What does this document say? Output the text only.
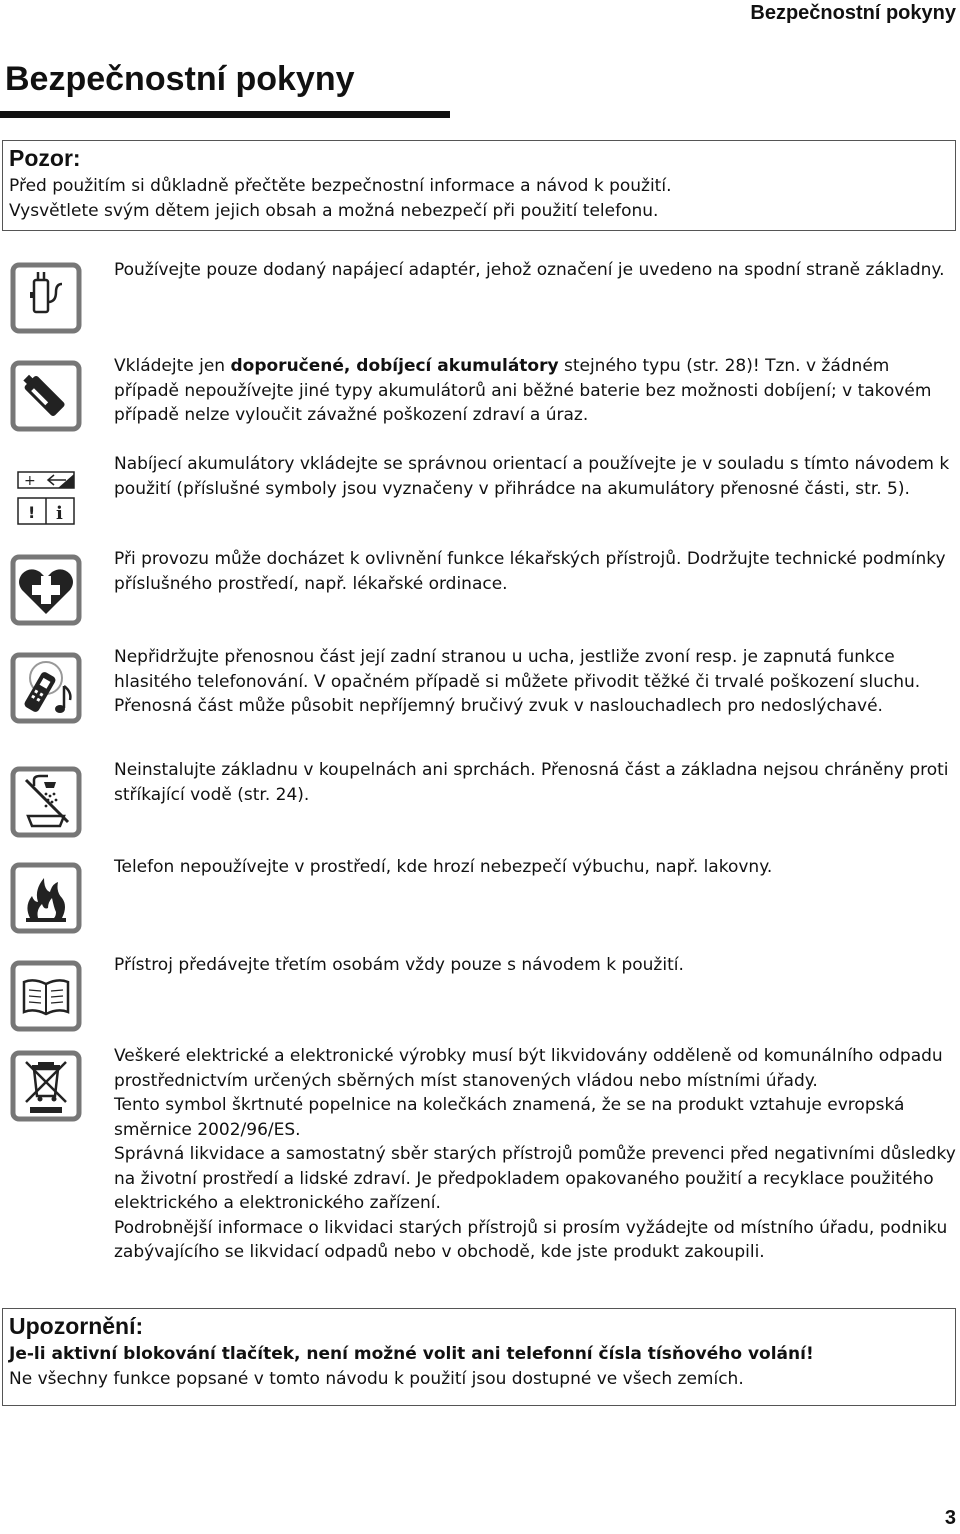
Bezpečnostní pokyny
Bezpečnostní pokyny
Pozor:
Před použitím si důkladně přečtěte bezpečnostní informace a návod k použití.
Vysvětlete svým dětem jejich obsah a možná nebezpečí při použití telefonu.

Používejte pouze dodaný napájecí adaptér, jehož označení je uvedeno na spodní straně základny.

Vkládejte jen doporučené, dobíjecí akumulátory stejného typu (str. 28)! Tzn. v žádném případě nepoužívejte jiné typy akumulátorů ani běžné baterie bez možnosti dobíjení; v takovém případě nelze vyloučit závažné poškození zdraví a úraz.

+
! i

Nabíjecí akumulátory vkládejte se správnou orientací a používejte je v souladu s tímto návodem k použití (příslušné symboly jsou vyznačeny v přihrádce na akumulátory přenosné části, str. 5).

Při provozu může docházet k ovlivnění funkce lékařských přístrojů. Dodržujte technické podmínky příslušného prostředí, např. lékařské ordinace.

Nepřidržujte přenosnou část její zadní stranou u ucha, jestliže zvoní resp. je zapnutá funkce hlasitého telefonování. V opačném případě si můžete přivodit těžké či trvalé poškození sluchu.

Přenosná část může působit nepříjemný bručivý zvuk v naslouchadlech pro nedoslýchavé.

Neinstalujte základnu v koupelnách ani sprchách. Přenosná část a základna nejsou chráněny proti stříkající vodě (str. 24).

Telefon nepoužívejte v prostředí, kde hrozí nebezpečí výbuchu, např. lakovny.

Přístroj předávejte třetím osobám vždy pouze s návodem k použití.

Veškeré elektrické a elektronické výrobky musí být likvidovány odděleně od komunálního odpadu prostřednictvím určených sběrných míst stanovených vládou nebo místními úřady.

Tento symbol škrtnuté popelnice na kolečkách znamená, že se na produkt vztahuje evropská směrnice 2002/96/ES.

Správná likvidace a samostatný sběr starých přístrojů pomůže prevenci před negativními důsledky na životní prostředí a lidské zdraví. Je předpokladem opakovaného použití a recyklace použitého elektrického a elektronického zařízení.

Podrobnější informace o likvidaci starých přístrojů si prosím vyžádejte od místního úřadu, podniku zabývajícího se likvidací odpadů nebo v obchodě, kde jste produkt zakoupili.

Upozornění:
Je-li aktivní blokování tlačítek, není možné volit ani telefonní čísla tísňového volání!
Ne všechny funkce popsané v tomto návodu k použití jsou dostupné ve všech zemích.
3
